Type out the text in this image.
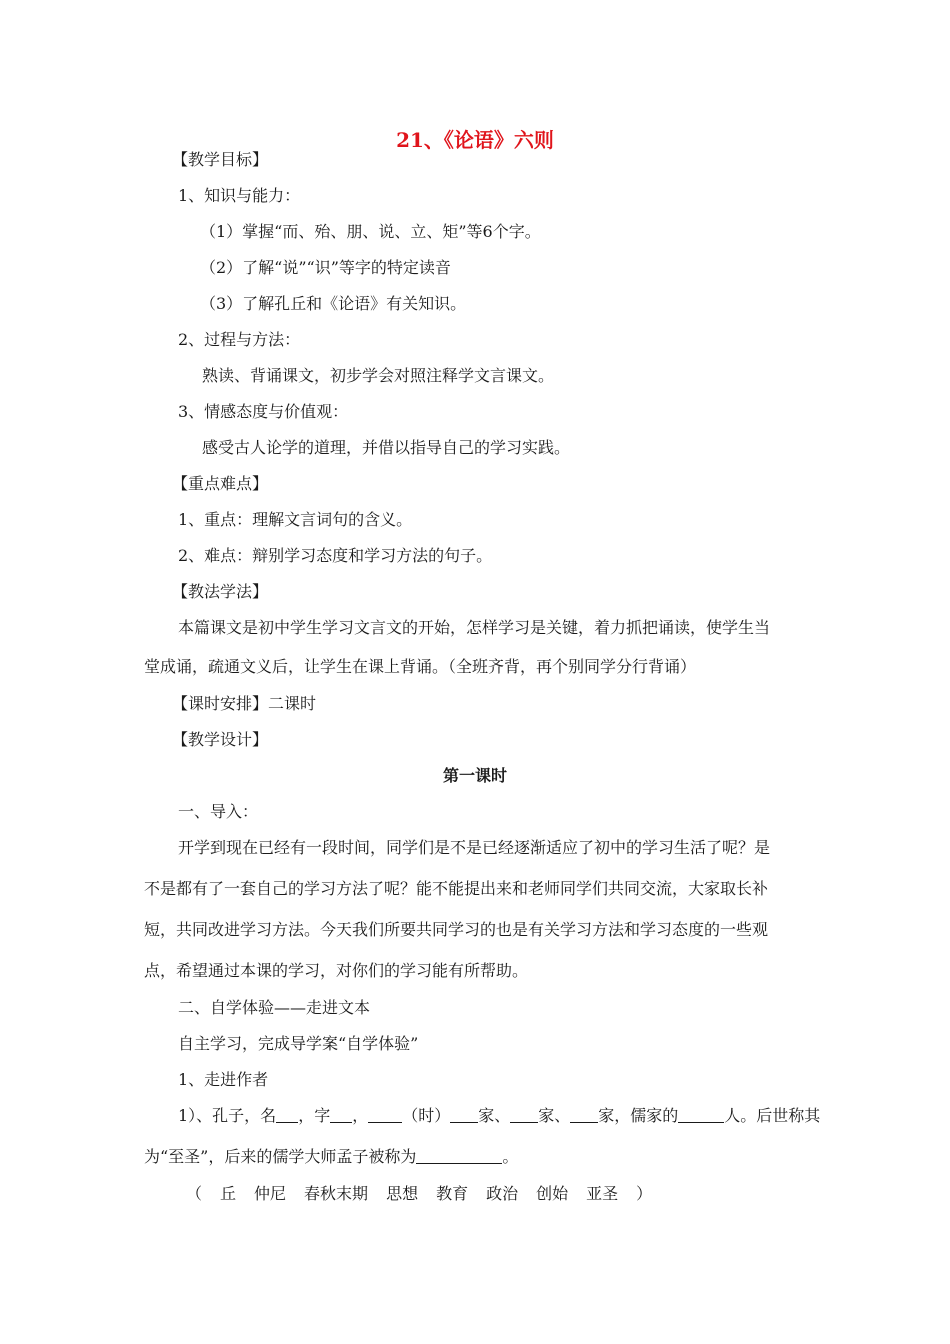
21、《论语》六则
【教学目标】
1、知识与能力：
（1）掌握“而、殆、朋、说、立、矩”等6个字。
（2）了解“说”“识”等字的特定读音
（3）了解孔丘和《论语》有关知识。
2、过程与方法：
熟读、背诵课文，初步学会对照注释学文言课文。
3、情感态度与价值观：
感受古人论学的道理，并借以指导自己的学习实践。
【重点难点】
1、重点：理解文言词句的含义。
2、难点：辩别学习态度和学习方法的句子。
【教法学法】
本篇课文是初中学生学习文言文的开始，怎样学习是关键，着力抓把诵读，使学生当
堂成诵，疏通文义后，让学生在课上背诵。（全班齐背，再个别同学分行背诵）
【课时安排】二课时
【教学设计】
第一课时
一、导入：
开学到现在已经有一段时间，同学们是不是已经逐渐适应了初中的学习生活了呢？是
不是都有了一套自己的学习方法了呢？能不能提出来和老师同学们共同交流，大家取长补
短，共同改进学习方法。今天我们所要共同学习的也是有关学习方法和学习态度的一些观
点，希望通过本课的学习，对你们的学习能有所帮助。
二、自学体验——走进文本
自主学习，完成导学案“自学体验”
1、走进作者
1）、孔子，名 ，字 ， （时） 家、 家、 家，儒家的	人。后世称其
为“至圣”，后来的儒学大师孟子被称为	。
（ 丘 仲尼 春秋末期 思想 教育 政治 创始 亚圣 ）
